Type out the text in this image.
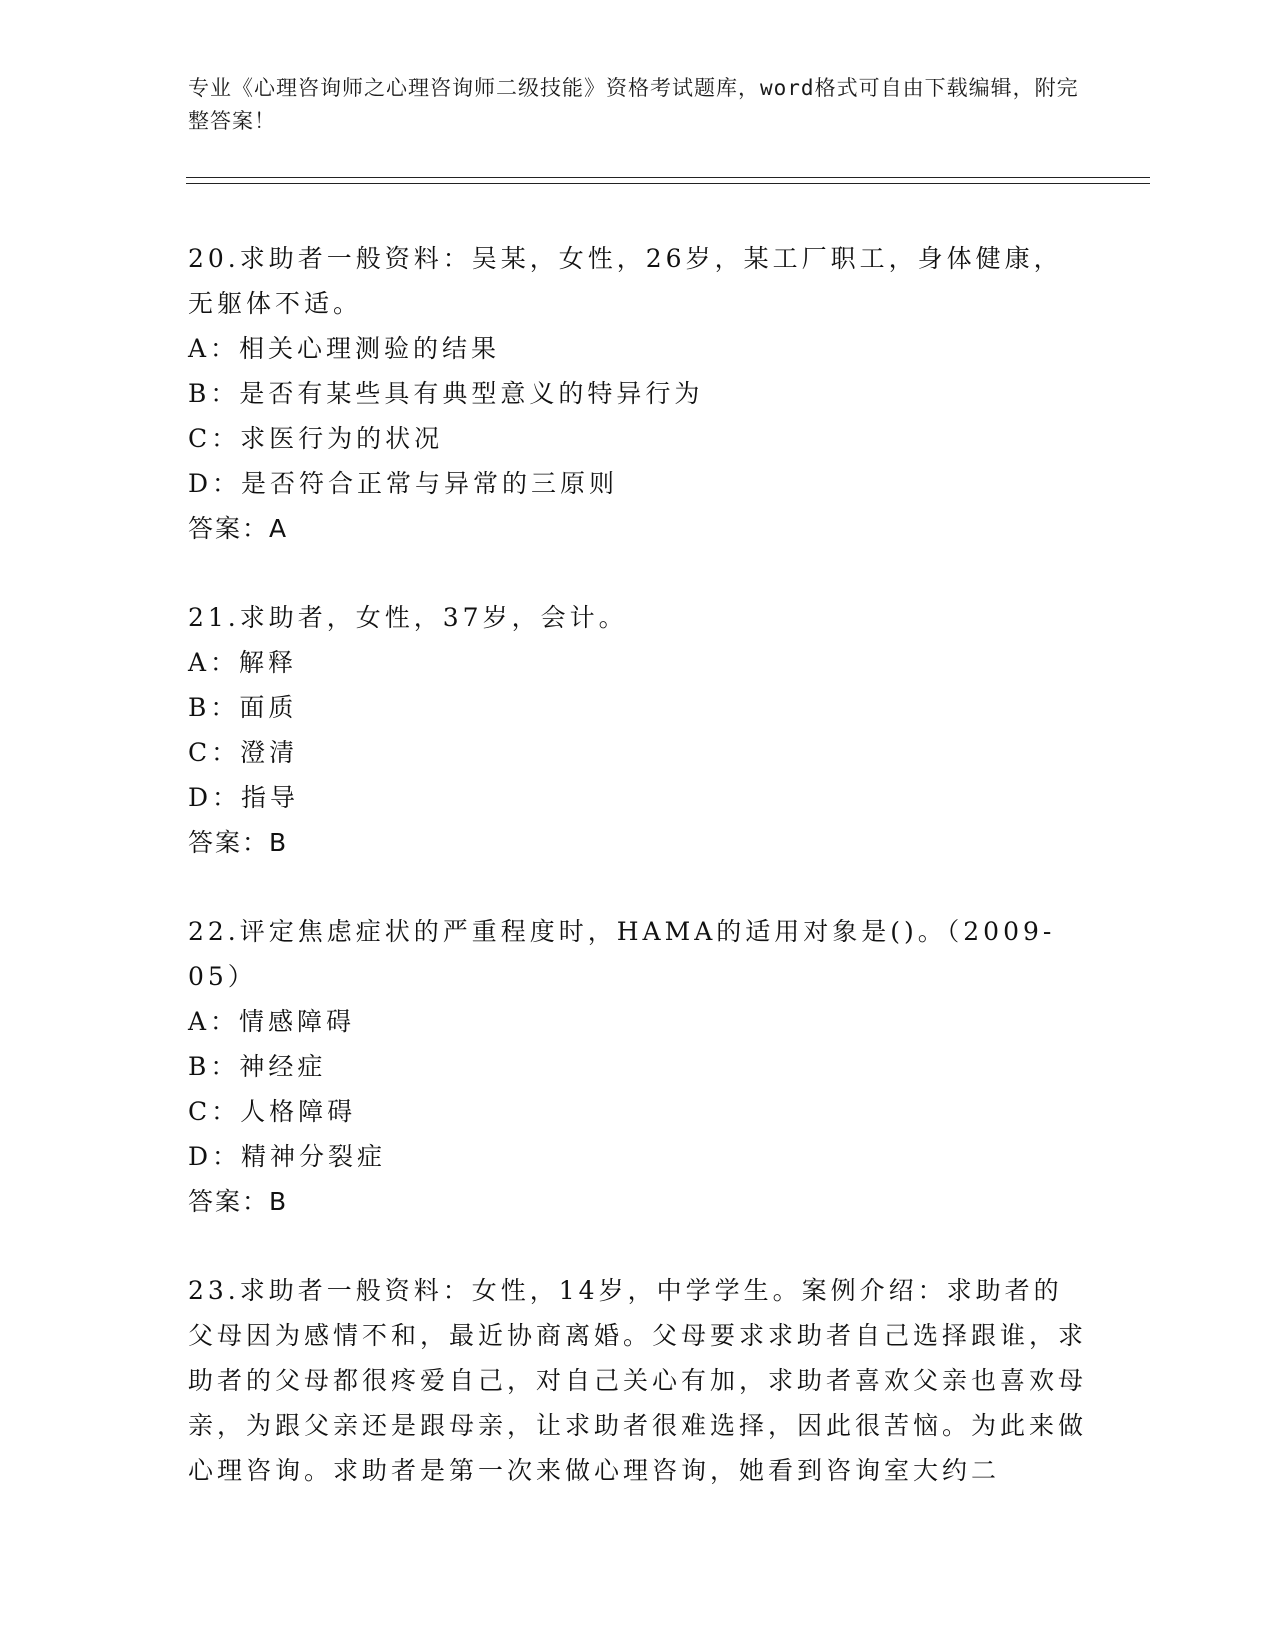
专业《心理咨询师之心理咨询师二级技能》资格考试题库，word格式可自由下载编辑，附完整答案！
20.求助者一般资料：吴某，女性，26岁，某工厂职工，身体健康，无躯体不适。
A：相关心理测验的结果
B：是否有某些具有典型意义的特异行为
C：求医行为的状况
D：是否符合正常与异常的三原则
答案：A
21.求助者，女性，37岁，会计。
A：解释
B：面质
C：澄清
D：指导
答案：B
22.评定焦虑症状的严重程度时，HAMA的适用对象是()。（2009-05）
A：情感障碍
B：神经症
C：人格障碍
D：精神分裂症
答案：B
23.求助者一般资料：女性，14岁，中学学生。案例介绍：求助者的父母因为感情不和，最近协商离婚。父母要求求助者自己选择跟谁，求助者的父母都很疼爱自己，对自己关心有加，求助者喜欢父亲也喜欢母亲，为跟父亲还是跟母亲，让求助者很难选择，因此很苦恼。为此来做心理咨询。求助者是第一次来做心理咨询，她看到咨询室大约二
